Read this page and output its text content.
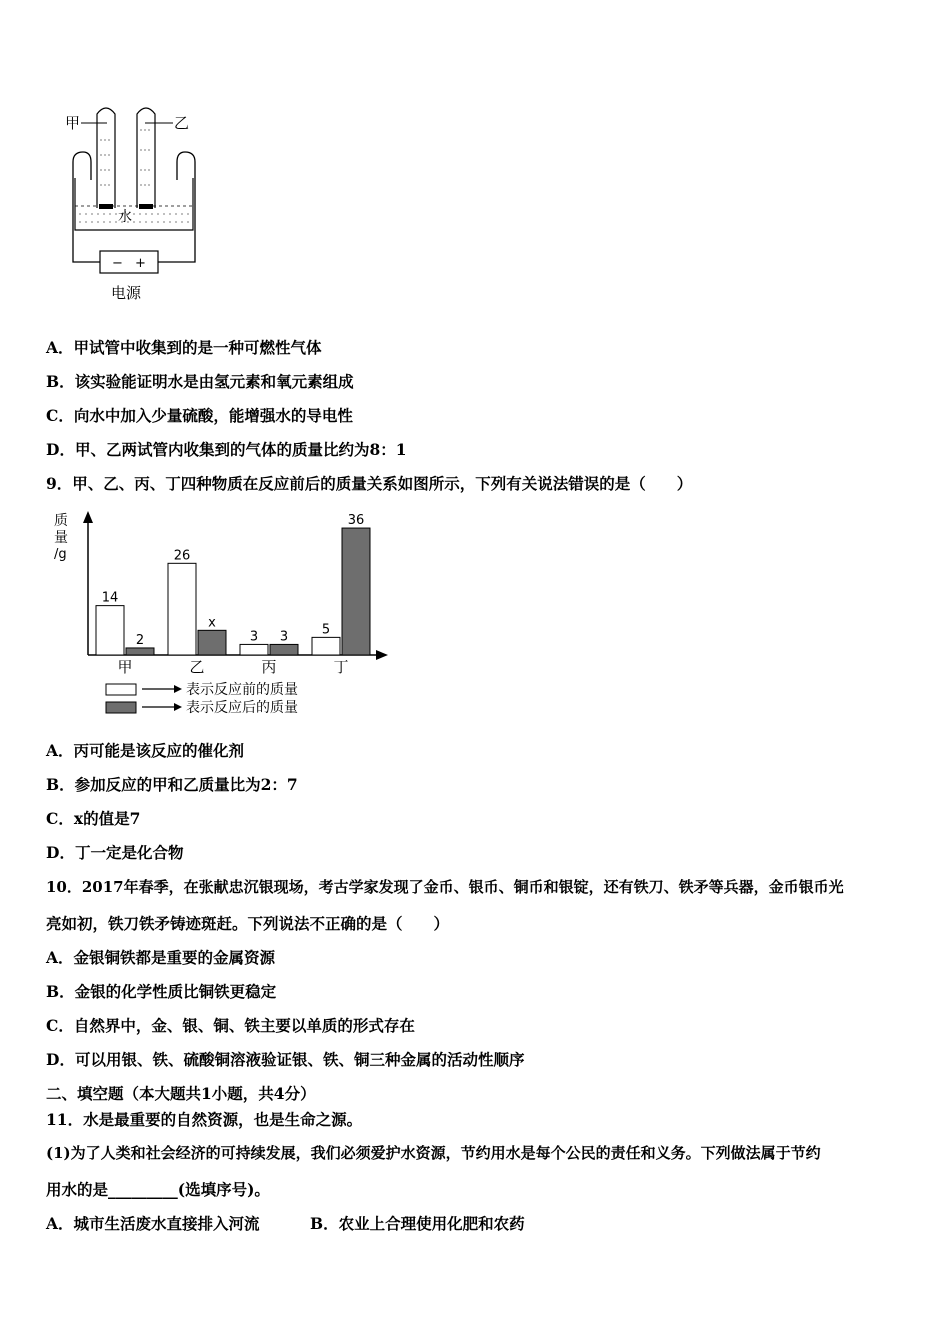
甲	乙
水
− +
电源
A．甲试管中收集到的是一种可燃性气体
B．该实验能证明水是由氢元素和氧元素组成
C．向水中加入少量硫酸，能增强水的导电性
D．甲、乙两试管内收集到的气体的质量比约为8：1
9．甲、乙、丙、丁四种物质在反应前后的质量关系如图所示，下列有关说法错误的是（　　）
质
量
/g
14
2
甲
26
x
乙
3 3
丙
5
36
丁
表示反应前的质量
表示反应后的质量
A．丙可能是该反应的催化剂
B．参加反应的甲和乙质量比为2：7
C．x的值是7
D．丁一定是化合物
10．2017年春季，在张献忠沉银现场，考古学家发现了金币、银币、铜币和银锭，还有铁刀、铁矛等兵器，金币银币光
亮如初，铁刀铁矛铸迹斑赶。下列说法不正确的是（　　）
A．金银铜铁都是重要的金属资源
B．金银的化学性质比铜铁更稳定
C．自然界中，金、银、铜、铁主要以单质的形式存在
D．可以用银、铁、硫酸铜溶液验证银、铁、铜三种金属的活动性顺序
二、填空题（本大题共1小题，共4分）
11．水是最重要的自然资源，也是生命之源。
(1)为了人类和社会经济的可持续发展，我们必须爱护水资源，节约用水是每个公民的责任和义务。下列做法属于节约
用水的是_________(选填序号)。
A．城市生活废水直接排入河流	B．农业上合理使用化肥和农药
